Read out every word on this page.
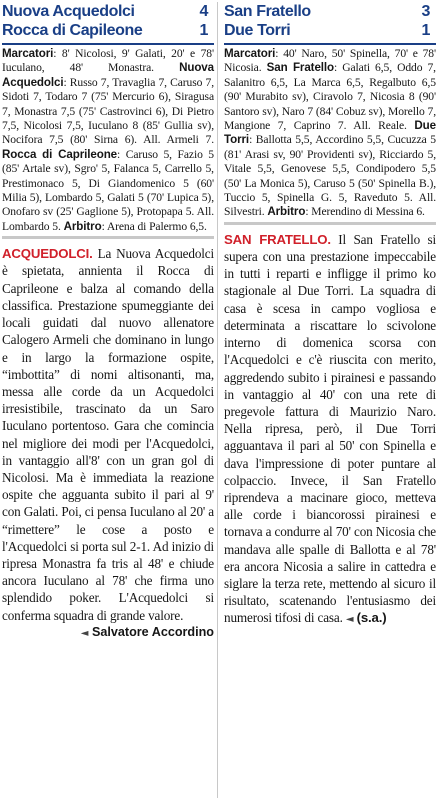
Nuova Acquedolci	4
Rocca di Capileone	1
Marcatori: 8' Nicolosi, 9' Galati, 20' e 78' Iuculano, 48' Monastra. Nuova Acquedolci: Russo 7, Travaglia 7, Caruso 7, Sidoti 7, Todaro 7 (75' Mercurio 6), Siragusa 7, Monastra 7,5 (75' Castrovinci 6), Di Pietro 7,5, Nicolosi 7,5, Iuculano 8 (85' Gullia sv), Nocifora 7,5 (80' Sirna 6). All. Armeli 7. Rocca di Caprileone: Caruso 5, Fazio 5 (85' Artale sv), Sgro' 5, Falanca 5, Carrello 5, Prestimonaco 5, Di Giandomenico 5 (60' Milia 5), Lombardo 5, Galati 5 (70' Lupica 5), Onofaro sv (25' Gaglione 5), Protopapa 5. All. Lombardo 5. Arbitro: Arena di Palermo 6,5.
ACQUEDOLCI. La Nuova Acquedolci è spietata, annienta il Rocca di Caprileone e balza al comando della classifica. Prestazione spumeggiante dei locali guidati dal nuovo allenatore Calogero Armeli che dominano in lungo e in largo la formazione ospite, “imbottita” di nomi altisonanti, ma, messa alle corde da un Acquedolci irresistibile, trascinato da un Saro Iuculano portentoso. Gara che comincia nel migliore dei modi per l'Acquedolci, in vantaggio all'8' con un gran gol di Nicolosi. Ma è immediata la reazione ospite che agguanta subito il pari al 9' con Galati. Poi, ci pensa Iuculano al 20' a “rimettere” le cose a posto e l'Acquedolci si porta sul 2-1. Ad inizio di ripresa Monastra fa tris al 48' e chiude ancora Iuculano al 78' che firma uno splendido poker. L'Acquedolci si conferma squadra di grande valore.
◄ Salvatore Accordino
San Fratello	3
Due Torri	1
Marcatori: 40' Naro, 50' Spinella, 70' e 78' Nicosia. San Fratello: Galati 6,5, Oddo 7, Salanitro 6,5, La Marca 6,5, Regalbuto 6,5 (90' Murabito sv), Ciravolo 7, Nicosia 8 (90' Santoro sv), Naro 7 (84' Cobuz sv), Morello 7, Mangione 7, Caprino 7. All. Reale. Due Torri: Ballotta 5,5, Accordino 5,5, Cucuzza 5 (81' Arasi sv, 90' Providenti sv), Ricciardo 5, Vitale 5,5, Genovese 5,5, Condipodero 5,5 (50' La Monica 5), Caruso 5 (50' Spinella B.), Tuccio 5, Spinella G. 5, Raveduto 5. All. Silvestri. Arbitro: Merendino di Messina 6.
SAN FRATELLO. Il San Fratello si supera con una prestazione impeccabile in tutti i reparti e infligge il primo ko stagionale al Due Torri. La squadra di casa è scesa in campo vogliosa e determinata a riscattare lo scivolone interno di domenica scorsa con l'Acquedolci e c'è riuscita con merito, aggredendo subito i pirainesi e passando in vantaggio al 40' con una rete di pregevole fattura di Maurizio Naro. Nella ripresa, però, il Due Torri agguantava il pari al 50' con Spinella e dava l'impressione di poter puntare al colpaccio. Invece, il San Fratello riprendeva a macinare gioco, metteva alle corde i biancorossi pirainesi e tornava a condurre al 70' con Nicosia che mandava alle spalle di Ballotta e al 78' era ancora Nicosia a salire in cattedra e siglare la terza rete, mettendo al sicuro il risultato, scatenando l'entusiasmo dei numerosi tifosi di casa. ◄ (s.a.)
